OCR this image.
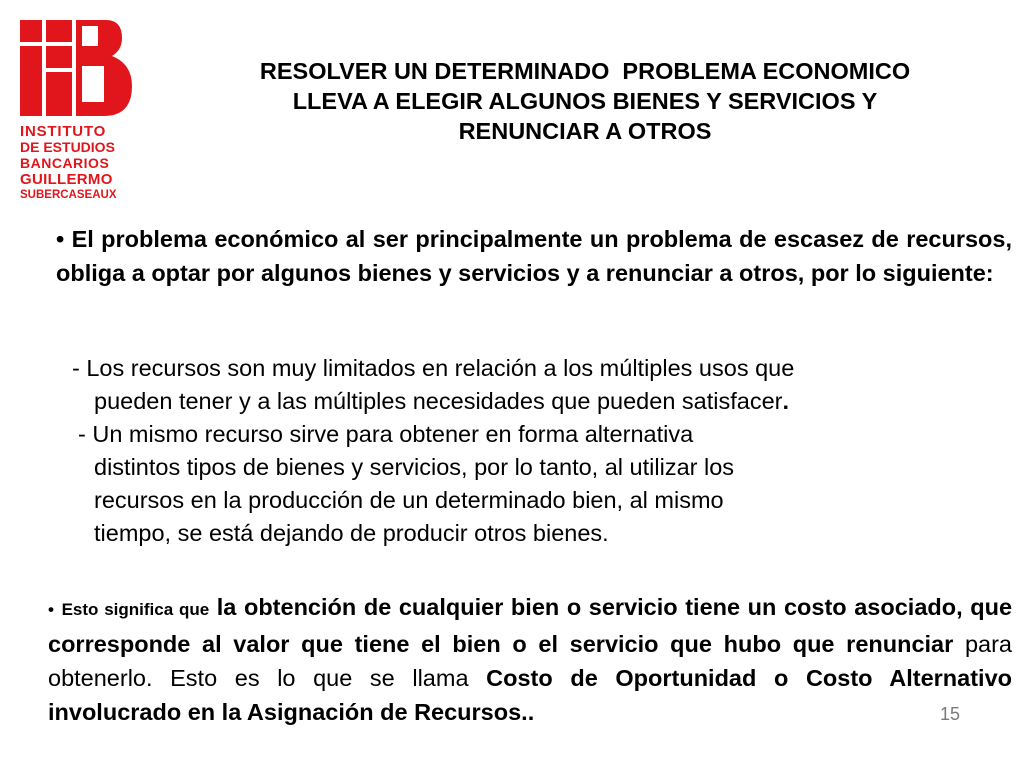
INSTITUTO
DE ESTUDIOS
BANCARIOS
GUILLERMO
SUBERCASEAUX
RESOLVER UN DETERMINADO  PROBLEMA ECONOMICO
LLEVA A ELEGIR ALGUNOS BIENES Y SERVICIOS Y
RENUNCIAR A OTROS
• El problema económico al ser principalmente un problema de escasez de recursos, obliga a optar por algunos bienes y servicios y a renunciar a otros, por lo siguiente:
- Los recursos son muy limitados en relación a los múltiples usos que
pueden tener y a las múltiples necesidades que pueden satisfacer.
- Un mismo recurso sirve para obtener en forma alternativa
distintos tipos de bienes y servicios, por lo tanto, al utilizar los
recursos en la producción de un determinado bien, al mismo
tiempo, se está dejando de producir otros bienes.
• Esto significa que la obtención de cualquier bien o servicio tiene un costo asociado, que corresponde al valor que tiene el bien o el servicio que hubo que renunciar para obtenerlo. Esto es lo que se llama Costo de Oportunidad o Costo Alternativo involucrado en la Asignación de Recursos..	15
